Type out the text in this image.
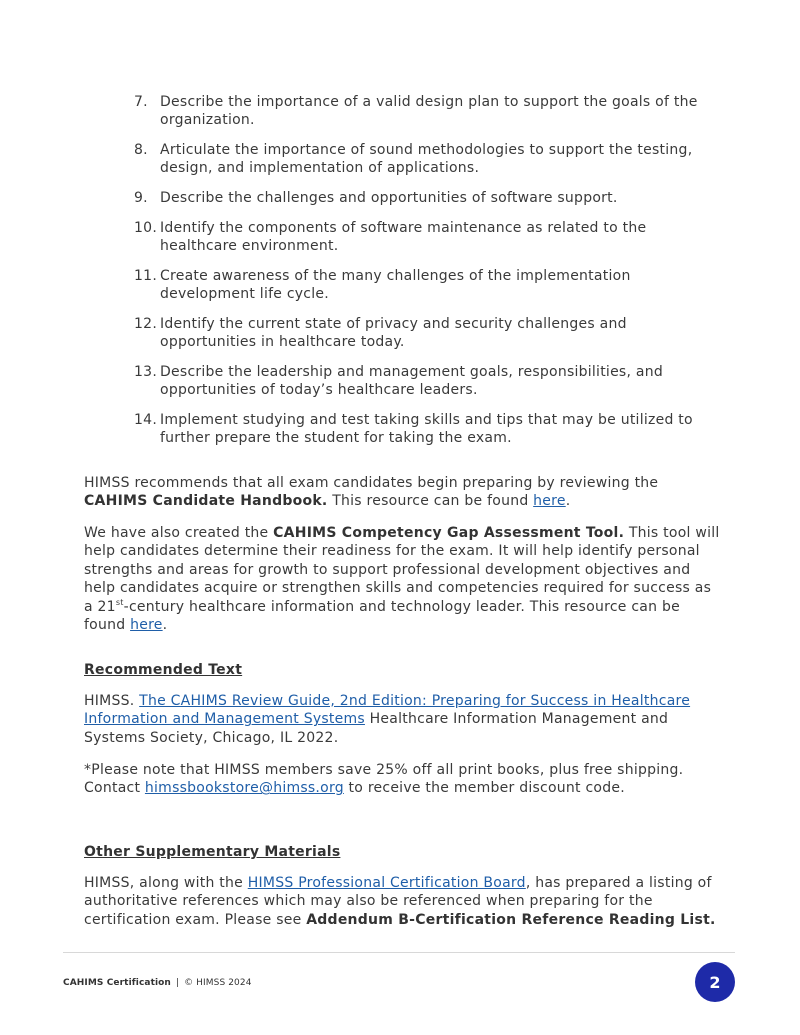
7. Describe the importance of a valid design plan to support the goals of the organization.
8. Articulate the importance of sound methodologies to support the testing, design, and implementation of applications.
9. Describe the challenges and opportunities of software support.
10. Identify the components of software maintenance as related to the healthcare environment.
11. Create awareness of the many challenges of the implementation development life cycle.
12. Identify the current state of privacy and security challenges and opportunities in healthcare today.
13. Describe the leadership and management goals, responsibilities, and opportunities of today’s healthcare leaders.
14. Implement studying and test taking skills and tips that may be utilized to further prepare the student for taking the exam.

HIMSS recommends that all exam candidates begin preparing by reviewing the CAHIMS Candidate Handbook. This resource can be found here.

We have also created the CAHIMS Competency Gap Assessment Tool. This tool will help candidates determine their readiness for the exam. It will help identify personal strengths and areas for growth to support professional development objectives and help candidates acquire or strengthen skills and competencies required for success as a 21st-century healthcare information and technology leader. This resource can be found here.

Recommended Text

HIMSS. The CAHIMS Review Guide, 2nd Edition: Preparing for Success in Healthcare Information and Management Systems Healthcare Information Management and Systems Society, Chicago, IL 2022.

*Please note that HIMSS members save 25% off all print books, plus free shipping. Contact himssbookstore@himss.org to receive the member discount code.

Other Supplementary Materials

HIMSS, along with the HIMSS Professional Certification Board, has prepared a listing of authoritative references which may also be referenced when preparing for the certification exam. Please see Addendum B-Certification Reference Reading List.

CAHIMS Certification | © HIMSS 2024	2
